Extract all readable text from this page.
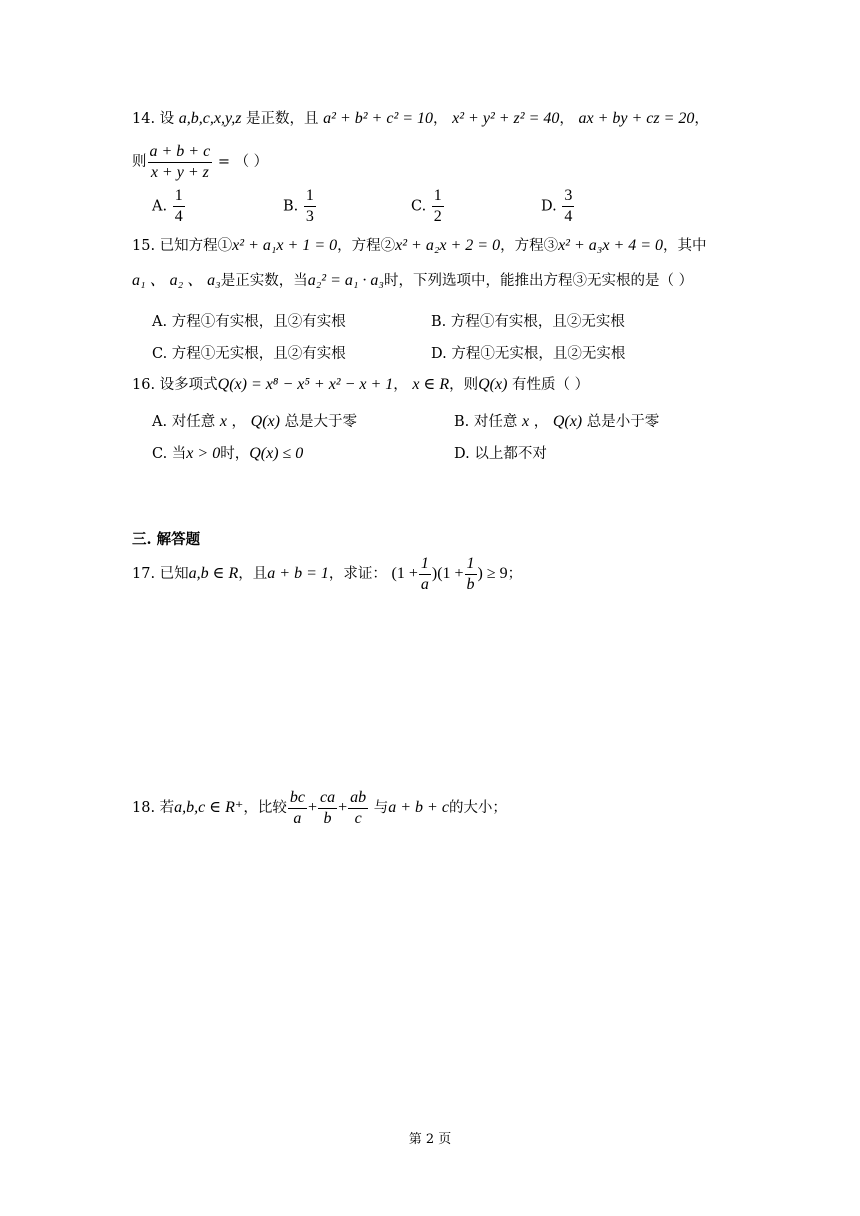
14. 设 a,b,c,x,y,z 是正数，且 a² + b² + c² = 10， x² + y² + z² = 40， ax + by + cz = 20，
则 $\frac{a + b + c}{x + y + z}$ = （ ）
A. $\frac{1}{4}$	B. $\frac{1}{3}$	C. $\frac{1}{2}$	D. $\frac{3}{4}$
15. 已知方程①x² + a₁x + 1 = 0，方程②x² + a₂x + 2 = 0，方程③x² + a₃x + 4 = 0，其中
a₁ 、 a₂ 、 a₃是正实数，当a₂² = a₁ · a₃时，下列选项中，能推出方程③无实根的是（ ）
A. 方程①有实根，且②有实根	B. 方程①有实根，且②无实根
C. 方程①无实根，且②有实根	D. 方程①无实根，且②无实根
16. 设多项式Q(x) = x⁸ − x⁵ + x² − x + 1， x ∈ R，则Q(x) 有性质（ ）
A. 对任意 x ， Q(x) 总是大于零	B. 对任意 x ， Q(x) 总是小于零
C. 当x > 0时，Q(x) ≤ 0	D. 以上都不对
三. 解答题
17. 已知a,b ∈ R，且a + b = 1，求证： $(1 + \frac{1}{a} )(1 + \frac{1}{b}$ ) ≥ 9；
18. 若a,b,c ∈ R⁺，比较 $\frac{bc}{a} + \frac{ca}{b} + \frac{ab}{c}$ 与a + b + c的大小；
第 2 页
